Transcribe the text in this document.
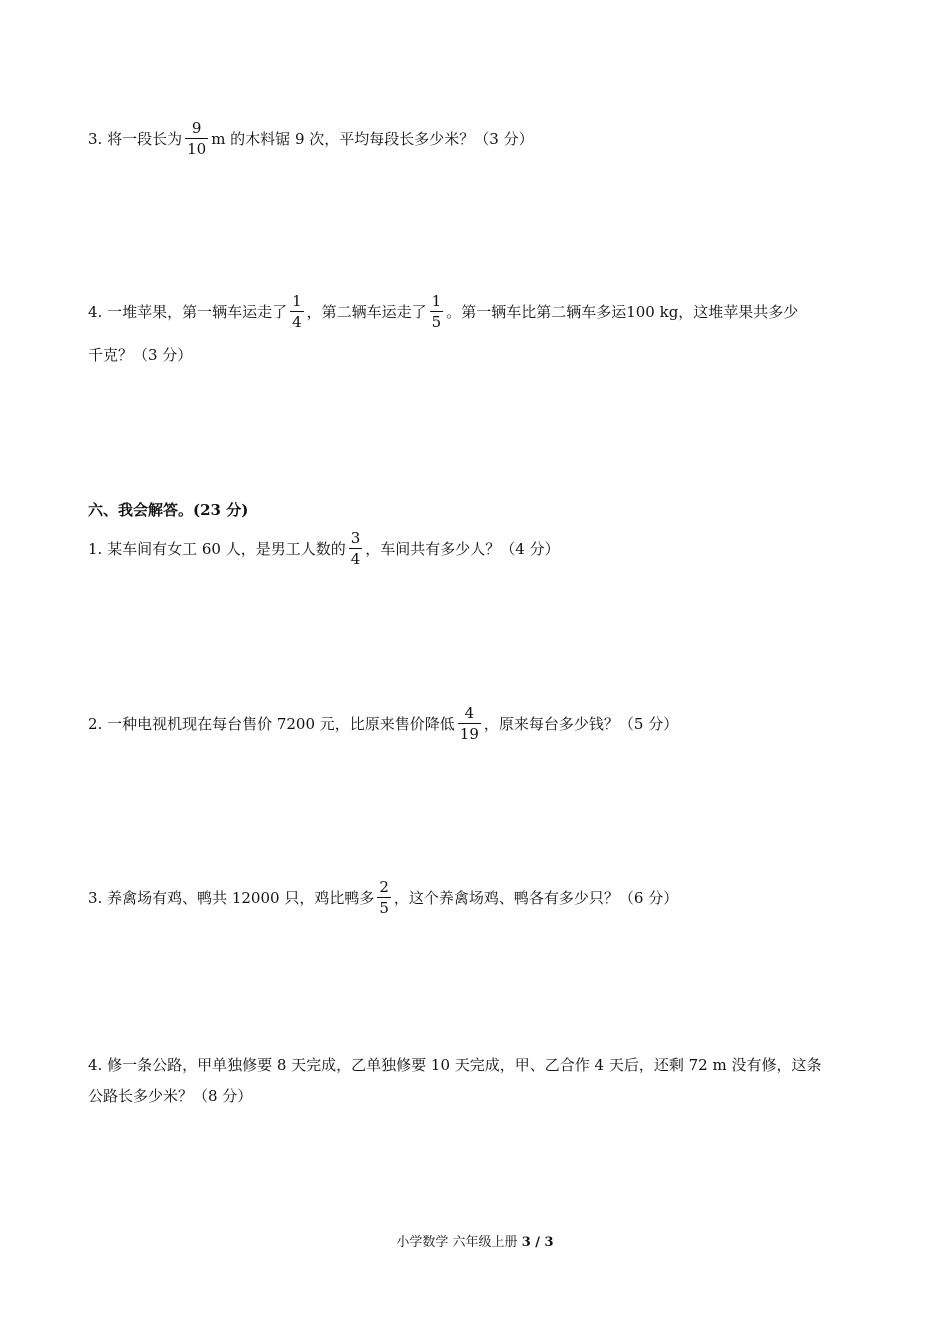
3. 将一段长为 $\frac{9}{10}$ m 的木料锯 9 次，平均每段长多少米？（3 分）
4. 一堆苹果，第一辆车运走了 $\frac{1}{4}$ ，第二辆车运走了 $\frac{1}{5}$ 。第一辆车比第二辆车多运100 kg，这堆苹果共多少
千克？（3 分）
六、我会解答。(23 分)
1. 某车间有女工 60 人，是男工人数的 $\frac{3}{4}$ ，车间共有多少人？（4 分）
2. 一种电视机现在每台售价 7200 元，比原来售价降低 $\frac{4}{19}$ ，原来每台多少钱？（5 分）
3. 养禽场有鸡、鸭共 12000 只，鸡比鸭多 $\frac{2}{5}$ ，这个养禽场鸡、鸭各有多少只？（6 分）
4. 修一条公路，甲单独修要 8 天完成，乙单独修要 10 天完成，甲、乙合作 4 天后，还剩 72 m 没有修，这条
公路长多少米？（8 分）
小学数学 六年级上册 3 / 3
